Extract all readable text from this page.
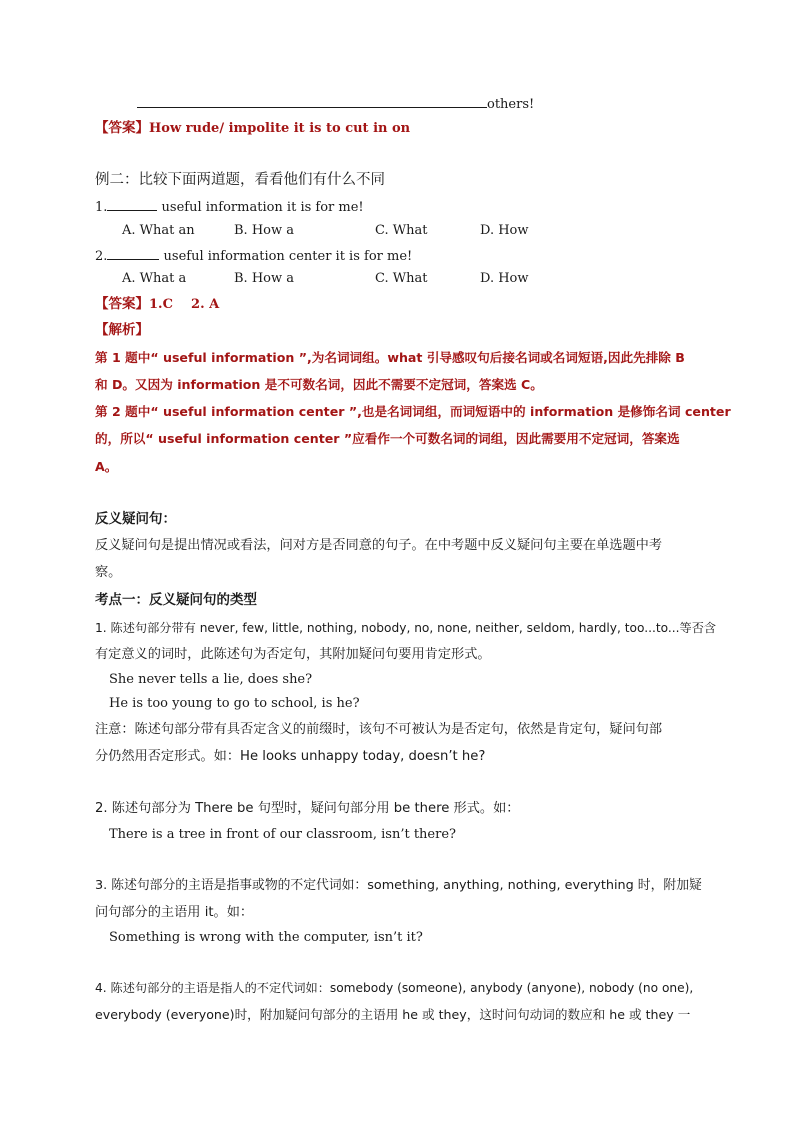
others!
【答案】How rude/ impolite it is to cut in on
例二：比较下面两道题，看看他们有什么不同
1.	useful information it is for me!
A. What an	B. How a	C. What	D. How
2.	useful information center it is for me!
A. What a	B. How a	C. What	D. How
【答案】1.C    2. A
【解析】
第 1 题中“ useful information ”,为名词词组。what 引导感叹句后接名词或名词短语,因此先排除 B
和 D。又因为 information 是不可数名词，因此不需要不定冠词，答案选 C。
第 2 题中“ useful information center ”,也是名词词组，而词短语中的 information 是修饰名词 center
的，所以“ useful information center ”应看作一个可数名词的词组，因此需要用不定冠词，答案选
A。
反义疑问句：
反义疑问句是提出情况或看法，问对方是否同意的句子。在中考题中反义疑问句主要在单选题中考
察。
考点一：反义疑问句的类型
1. 陈述句部分带有 never, few, little, nothing, nobody, no, none, neither, seldom, hardly, too...to...等否含
有定意义的词时，此陈述句为否定句，其附加疑问句要用肯定形式。
She never tells a lie, does she?
He is too young to go to school, is he?
注意：陈述句部分带有具否定含义的前缀时，该句不可被认为是否定句，依然是肯定句，疑问句部
分仍然用否定形式。如：He looks unhappy today, doesn’t he?
2. 陈述句部分为 There be 句型时，疑问句部分用 be there 形式。如：
There is a tree in front of our classroom, isn’t there?
3. 陈述句部分的主语是指事或物的不定代词如：something, anything, nothing, everything 时，附加疑
问句部分的主语用 it。如：
Something is wrong with the computer, isn’t it?
4. 陈述句部分的主语是指人的不定代词如：somebody (someone), anybody (anyone), nobody (no one),
everybody (everyone)时，附加疑问句部分的主语用 he 或 they，这时问句动词的数应和 he 或 they 一
